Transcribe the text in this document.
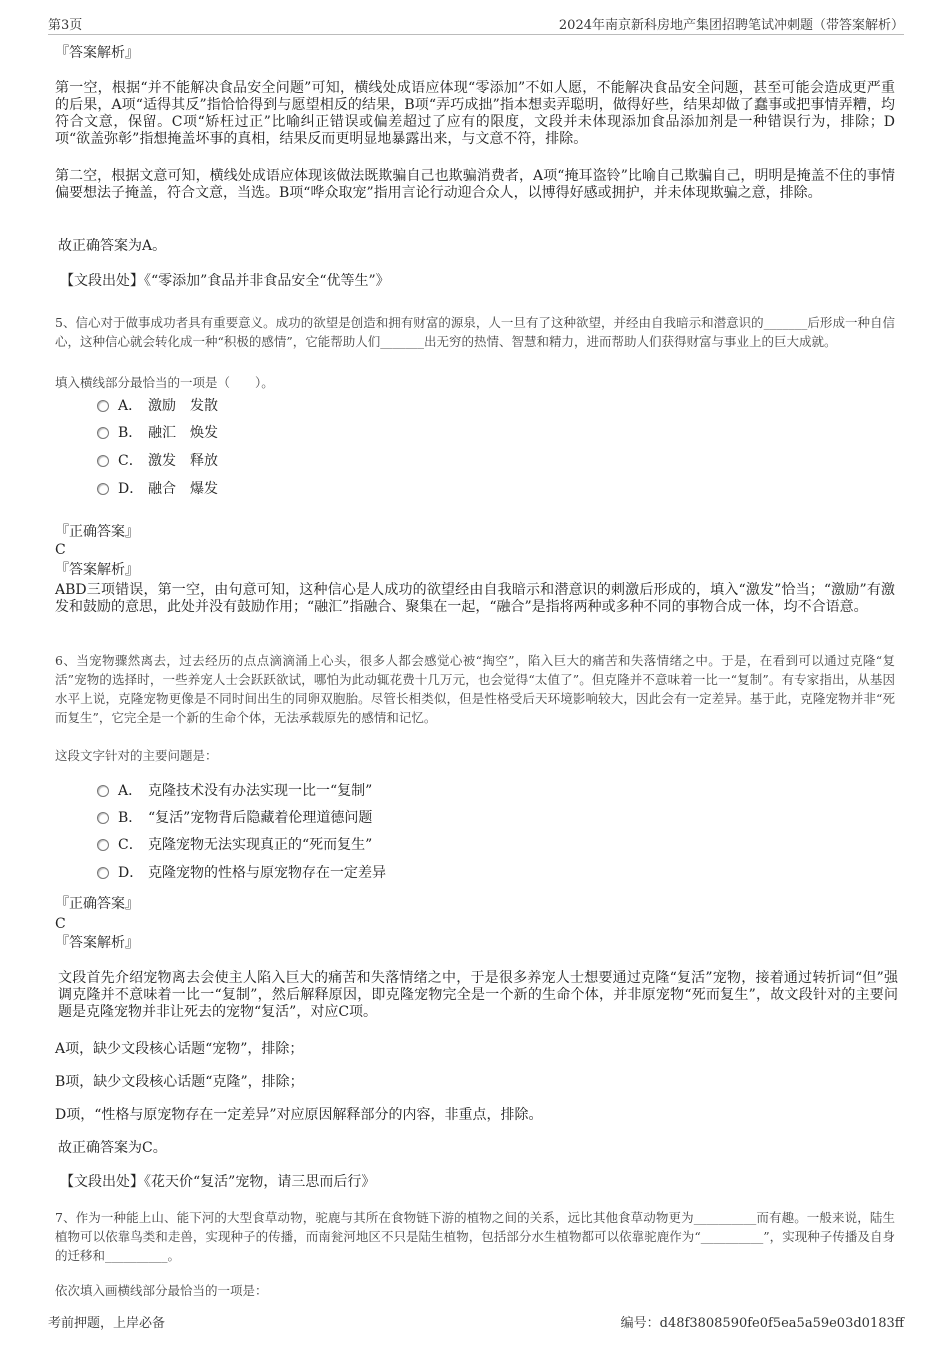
第3页	2024年南京新科房地产集团招聘笔试冲刺题（带答案解析）
『答案解析』
第一空，根据“并不能解决食品安全问题”可知，横线处成语应体现“零添加”不如人愿，不能解决食品安全问题，甚至可能会造成更严重的后果，A项“适得其反”指恰恰得到与愿望相反的结果，B项“弄巧成拙”指本想卖弄聪明，做得好些，结果却做了蠢事或把事情弄糟，均符合文意，保留。C项“矫枉过正”比喻纠正错误或偏差超过了应有的限度，文段并未体现添加食品添加剂是一种错误行为，排除；D项“欲盖弥彰”指想掩盖坏事的真相，结果反而更明显地暴露出来，与文意不符，排除。
第二空，根据文意可知，横线处成语应体现该做法既欺骗自己也欺骗消费者，A项“掩耳盗铃”比喻自己欺骗自己，明明是掩盖不住的事情偏要想法子掩盖，符合文意，当选。B项“哗众取宠”指用言论行动迎合众人，以博得好感或拥护，并未体现欺骗之意，排除。
故正确答案为A。
【文段出处】《“零添加”食品并非食品安全“优等生”》
5、信心对于做事成功者具有重要意义。成功的欲望是创造和拥有财富的源泉，人一旦有了这种欲望，并经由自我暗示和潜意识的_______后形成一种自信心，这种信心就会转化成一种“积极的感情”，它能帮助人们_______出无穷的热情、智慧和精力，进而帮助人们获得财富与事业上的巨大成就。
填入横线部分最恰当的一项是（　　）。
A． 激励　发散
B． 融汇　焕发
C． 激发　释放
D． 融合　爆发
『正确答案』
C
『答案解析』
ABD三项错误，第一空，由句意可知，这种信心是人成功的欲望经由自我暗示和潜意识的刺激后形成的，填入“激发”恰当；“激励”有激发和鼓励的意思，此处并没有鼓励作用；“融汇”指融合、聚集在一起，“融合”是指将两种或多种不同的事物合成一体，均不合语意。
6、当宠物骤然离去，过去经历的点点滴滴涌上心头，很多人都会感觉心被“掏空”，陷入巨大的痛苦和失落情绪之中。于是，在看到可以通过克隆“复活”宠物的选择时，一些养宠人士会跃跃欲试，哪怕为此动辄花费十几万元，也会觉得“太值了”。但克隆并不意味着一比一“复制”。有专家指出，从基因水平上说，克隆宠物更像是不同时间出生的同卵双胞胎。尽管长相类似，但是性格受后天环境影响较大，因此会有一定差异。基于此，克隆宠物并非“死而复生”，它完全是一个新的生命个体，无法承载原先的感情和记忆。
这段文字针对的主要问题是：
A． 克隆技术没有办法实现一比一“复制”
B． “复活”宠物背后隐藏着伦理道德问题
C． 克隆宠物无法实现真正的“死而复生”
D． 克隆宠物的性格与原宠物存在一定差异
『正确答案』
C
『答案解析』
文段首先介绍宠物离去会使主人陷入巨大的痛苦和失落情绪之中，于是很多养宠人士想要通过克隆“复活”宠物，接着通过转折词“但”强调克隆并不意味着一比一“复制”，然后解释原因，即克隆宠物完全是一个新的生命个体，并非原宠物“死而复生”，故文段针对的主要问题是克隆宠物并非让死去的宠物“复活”，对应C项。
A项，缺少文段核心话题“宠物”，排除；
B项，缺少文段核心话题“克隆”，排除；
D项，“性格与原宠物存在一定差异”对应原因解释部分的内容，非重点，排除。
故正确答案为C。
【文段出处】《花天价“复活”宠物，请三思而后行》
7、作为一种能上山、能下河的大型食草动物，驼鹿与其所在食物链下游的植物之间的关系，远比其他食草动物更为__________而有趣。一般来说，陆生植物可以依靠鸟类和走兽，实现种子的传播，而南瓮河地区不只是陆生植物，包括部分水生植物都可以依靠驼鹿作为“__________”，实现种子传播及自身的迁移和__________。
依次填入画横线部分最恰当的一项是：
考前押题，上岸必备	编号：d48f3808590fe0f5ea5a59e03d0183ff
